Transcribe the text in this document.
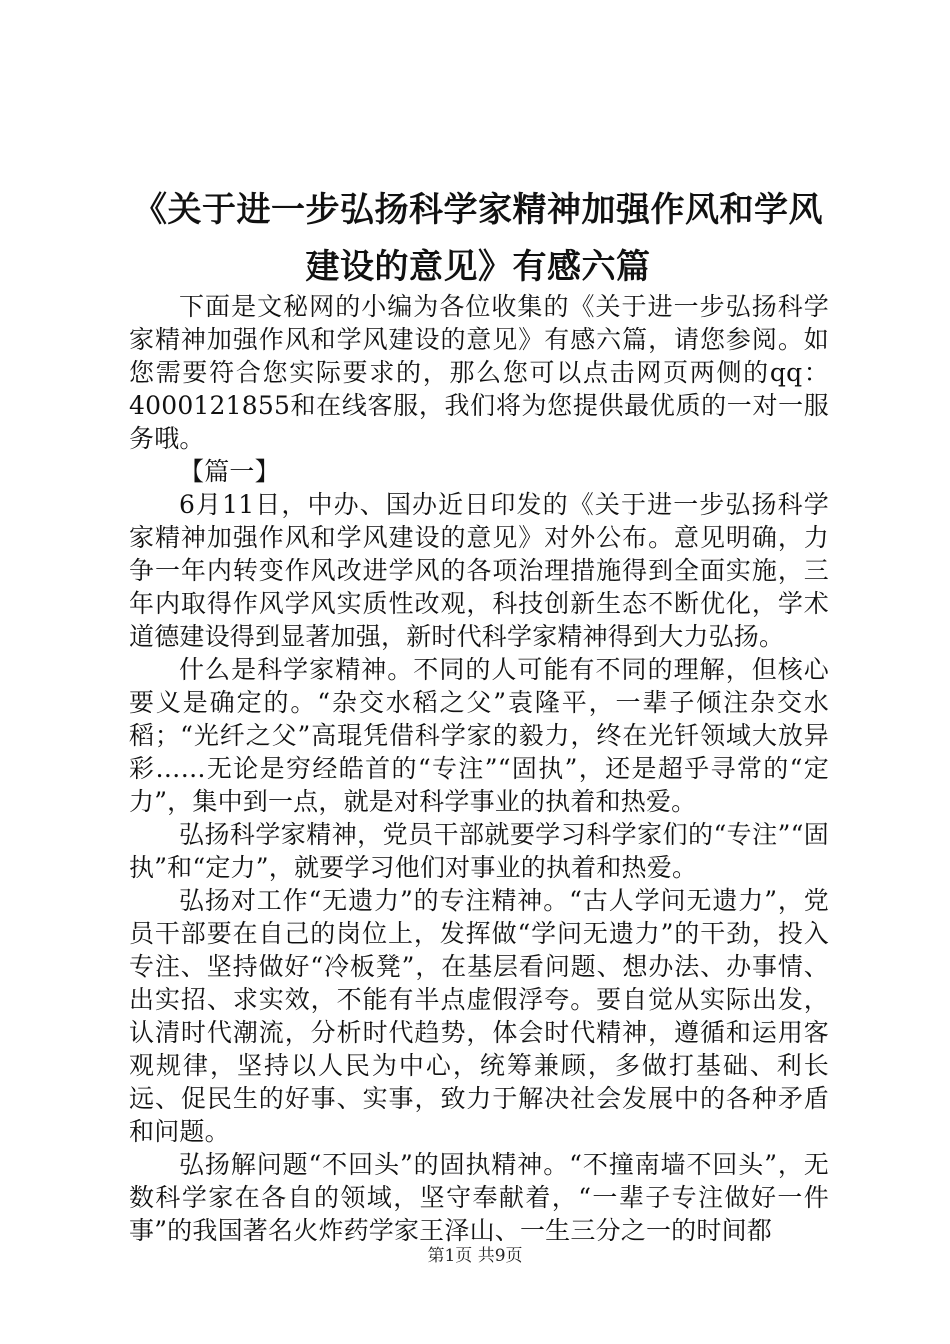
《关于进一步弘扬科学家精神加强作风和学风建设的意见》有感六篇

下面是文秘网的小编为各位收集的《关于进一步弘扬科学家精神加强作风和学风建设的意见》有感六篇，请您参阅。如您需要符合您实际要求的，那么您可以点击网页两侧的qq：4000121855和在线客服，我们将为您提供最优质的一对一服务哦。

【篇一】

6月11日，中办、国办近日印发的《关于进一步弘扬科学家精神加强作风和学风建设的意见》对外公布。意见明确，力争一年内转变作风改进学风的各项治理措施得到全面实施，三年内取得作风学风实质性改观，科技创新生态不断优化，学术道德建设得到显著加强，新时代科学家精神得到大力弘扬。

什么是科学家精神。不同的人可能有不同的理解，但核心要义是确定的。“杂交水稻之父”袁隆平，一辈子倾注杂交水稻；“光纤之父”高琨凭借科学家的毅力，终在光钎领域大放异彩……无论是穷经皓首的“专注”“固执”，还是超乎寻常的“定力”，集中到一点，就是对科学事业的执着和热爱。

弘扬科学家精神，党员干部就要学习科学家们的“专注”“固执”和“定力”，就要学习他们对事业的执着和热爱。

弘扬对工作“无遗力”的专注精神。“古人学问无遗力”，党员干部要在自己的岗位上，发挥做“学问无遗力”的干劲，投入专注、坚持做好“冷板凳”，在基层看问题、想办法、办事情、出实招、求实效，不能有半点虚假浮夸。要自觉从实际出发，认清时代潮流，分析时代趋势，体会时代精神，遵循和运用客观规律，坚持以人民为中心，统筹兼顾，多做打基础、利长远、促民生的好事、实事，致力于解决社会发展中的各种矛盾和问题。

弘扬解问题“不回头”的固执精神。“不撞南墙不回头”，无数科学家在各自的领域，坚守奉献着，“一辈子专注做好一件事”的我国著名火炸药学家王泽山、一生三分之一的时间都

第1页 共9页
